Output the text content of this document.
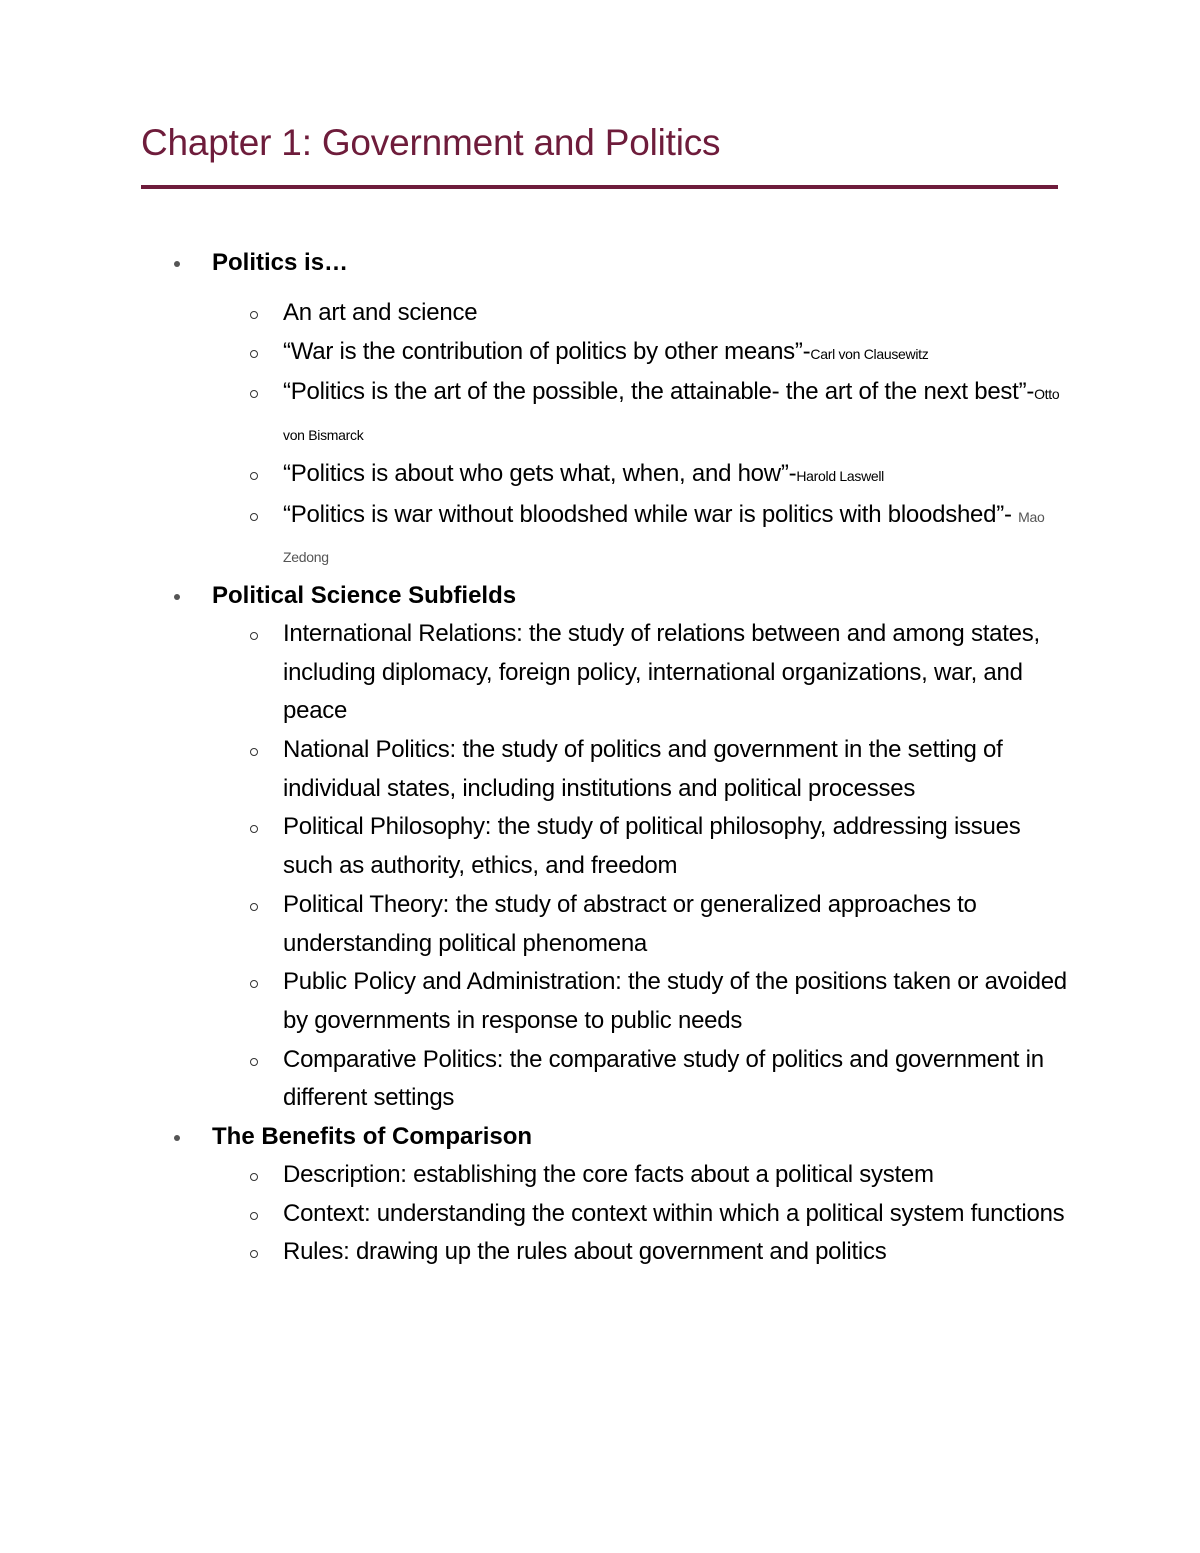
Chapter 1: Government and Politics
Politics is…
An art and science
“War is the contribution of politics by other means”-Carl von Clausewitz
“Politics is the art of the possible, the attainable- the art of the next best”-Otto von Bismarck
“Politics is about who gets what, when, and how”-Harold Laswell
“Politics is war without bloodshed while war is politics with bloodshed”- Mao Zedong
Political Science Subfields
International Relations: the study of relations between and among states, including diplomacy, foreign policy, international organizations, war, and peace
National Politics: the study of politics and government in the setting of individual states, including institutions and political processes
Political Philosophy: the study of political philosophy, addressing issues such as authority, ethics, and freedom
Political Theory: the study of abstract or generalized approaches to understanding political phenomena
Public Policy and Administration: the study of the positions taken or avoided by governments in response to public needs
Comparative Politics: the comparative study of politics and government in different settings
The Benefits of Comparison
Description: establishing the core facts about a political system
Context: understanding the context within which a political system functions
Rules: drawing up the rules about government and politics
